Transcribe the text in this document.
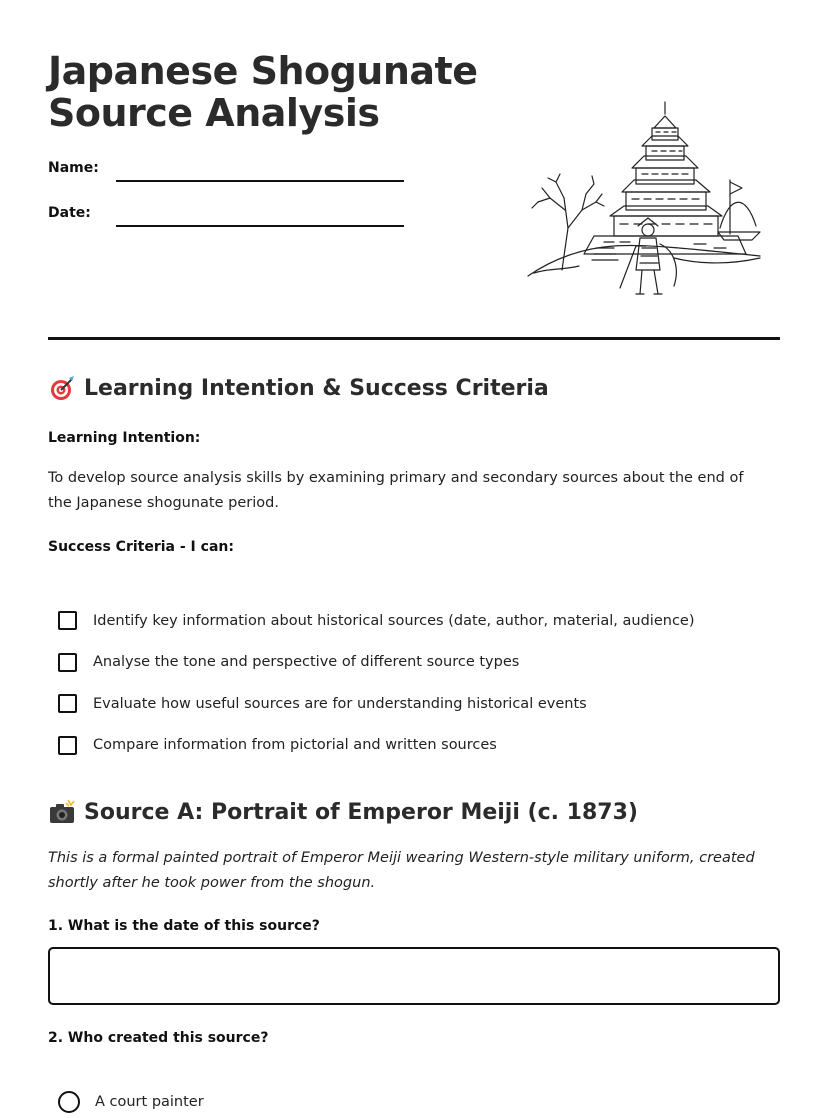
Japanese Shogunate
Source Analysis
Name:
Date:
Learning Intention & Success Criteria
Learning Intention:
To develop source analysis skills by examining primary and secondary sources about the end of the Japanese shogunate period.
Success Criteria - I can:
Identify key information about historical sources (date, author, material, audience)
Analyse the tone and perspective of different source types
Evaluate how useful sources are for understanding historical events
Compare information from pictorial and written sources
Source A: Portrait of Emperor Meiji (c. 1873)
This is a formal painted portrait of Emperor Meiji wearing Western-style military uniform, created shortly after he took power from the shogun.
1. What is the date of this source?
2. Who created this source?
A court painter
